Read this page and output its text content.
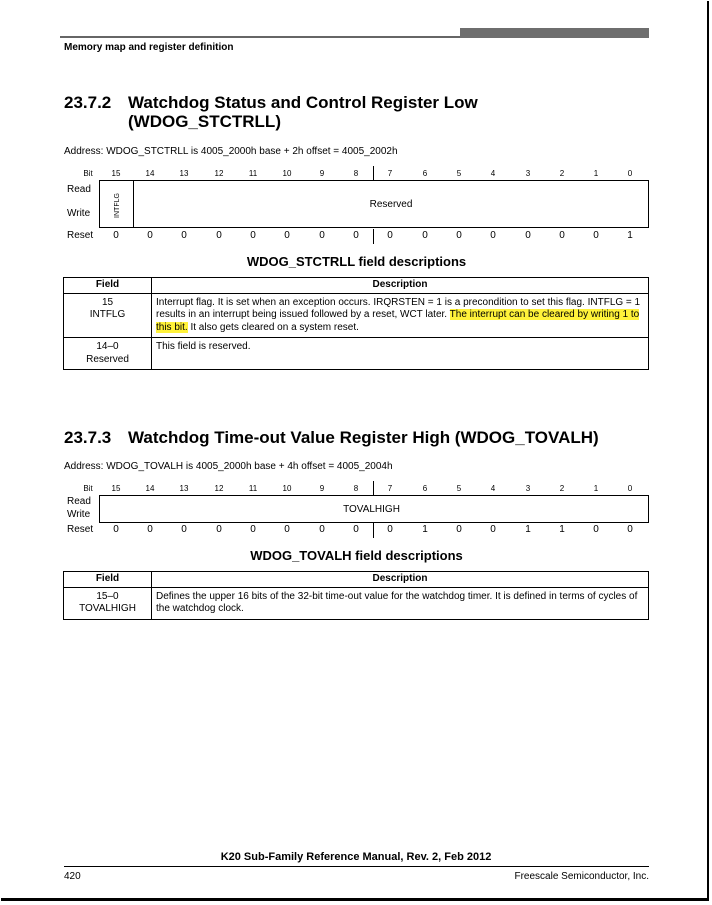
Memory map and register definition
23.7.2 Watchdog Status and Control Register Low
(WDOG_STCTRLL)
Address: WDOG_STCTRLL is 4005_2000h base + 2h offset = 4005_2002h
Bit 15	14	13	12	11	10	9	8	7	6	5	4	3	2	1	0
Read
Write	INTFLG	Reserved
Reset 0	0	0	0	0	0	0	0	0	0	0	0	0	0	0	1
WDOG_STCTRLL field descriptions
Field	Description

15
INTFLG	Interrupt flag. It is set when an exception occurs. IRQRSTEN = 1 is a precondition to set this flag. INTFLG = 1 results in an interrupt being issued followed by a reset, WCT later. The interrupt can be cleared by writing 1 to this bit. It also gets cleared on a system reset.

14–0
Reserved	This field is reserved.
23.7.3 Watchdog Time-out Value Register High (WDOG_TOVALH)
Address: WDOG_TOVALH is 4005_2000h base + 4h offset = 4005_2004h
Bit 15	14	13	12	11	10	9	8	7	6	5	4	3	2	1	0
Read
Write	TOVALHIGH
Reset 0	0	0	0	0	0	0	0	0	1	0	0	1	1	0	0
WDOG_TOVALH field descriptions
Field	Description

15–0
TOVALHIGH	Defines the upper 16 bits of the 32-bit time-out value for the watchdog timer. It is defined in terms of cycles of the watchdog clock.
K20 Sub-Family Reference Manual, Rev. 2, Feb 2012
420	Freescale Semiconductor, Inc.
